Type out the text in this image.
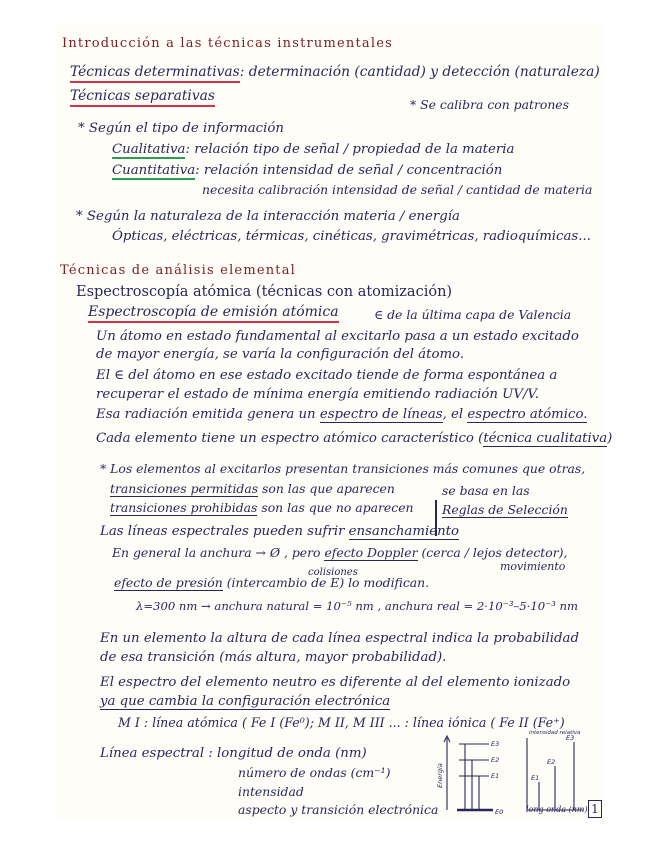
Introducción a las técnicas instrumentales
Técnicas determinativas: determinación (cantidad) y detección (naturaleza)
Técnicas separativas
* Se calibra con patrones
* Según el tipo de información
Cualitativa: relación tipo de señal / propiedad de la materia
Cuantitativa: relación intensidad de señal / concentración
necesita calibración intensidad de señal / cantidad de materia
* Según la naturaleza de la interacción materia / energía
Ópticas, eléctricas, térmicas, cinéticas, gravimétricas, radioquímicas...
Técnicas de análisis elemental
Espectroscopía atómica (técnicas con atomización)
Espectroscopía de emisión atómica	∈ de la última capa de Valencia
Un átomo en estado fundamental al excitarlo pasa a un estado excitado
de mayor energía, se varía la configuración del átomo.
El ∈ del átomo en ese estado excitado tiende de forma espontánea a
recuperar el estado de mínima energía emitiendo radiación UV/V.
Esa radiación emitida genera un espectro de líneas, el espectro atómico.
Cada elemento tiene un espectro atómico característico (técnica cualitativa)
* Los elementos al excitarlos presentan transiciones más comunes que otras,
transiciones permitidas son las que aparecen
transiciones prohibidas son las que no aparecen
se basa en las
Reglas de Selección
Las líneas espectrales pueden sufrir ensanchamiento
En general la anchura → Ø , pero efecto Doppler (cerca / lejos detector),
movimiento
colisiones
efecto de presión (intercambio de E) lo modifican.
λ=300 nm → anchura natural = 10⁻⁵ nm , anchura real = 2·10⁻³–5·10⁻³ nm
En un elemento la altura de cada línea espectral indica la probabilidad
de esa transición (más altura, mayor probabilidad).
El espectro del elemento neutro es diferente al del elemento ionizado
ya que cambia la configuración electrónica
M I : línea atómica ( Fe I (Fe⁰); M II, M III ... : línea iónica ( Fe II (Fe⁺)
Línea espectral : longitud de onda (nm)
número de ondas (cm⁻¹)
intensidad
aspecto y transición electrónica
Energía
E3
E2
E1
E0
intensidad relativa
E1
E2
E3
long onda (nm) 1
